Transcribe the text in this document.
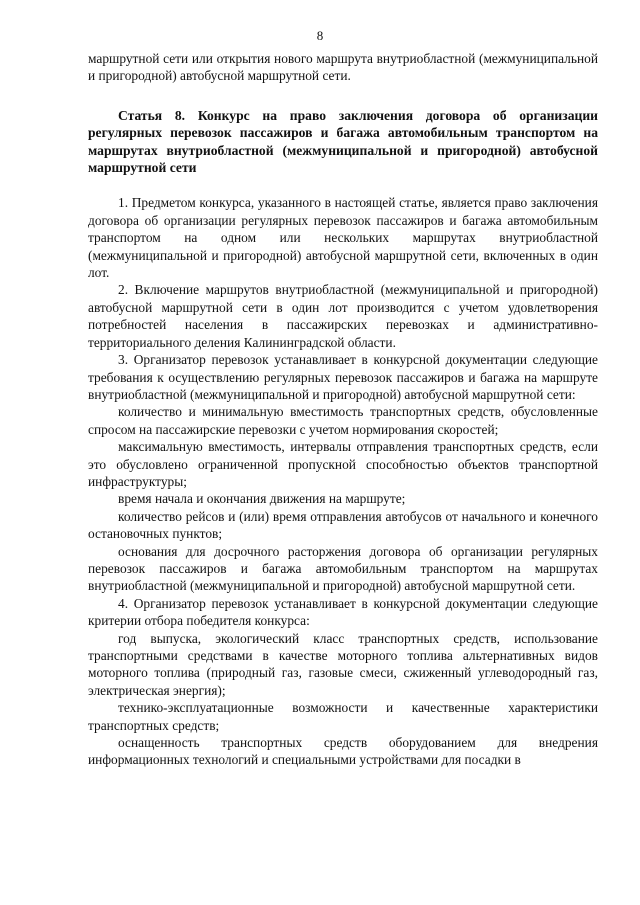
8

маршрутной сети или открытия нового маршрута внутриобластной (межмуниципальной и пригородной) автобусной маршрутной сети.

Статья 8. Конкурс на право заключения договора об организации регулярных перевозок пассажиров и багажа автомобильным транспортом на маршрутах внутриобластной (межмуниципальной и пригородной) автобусной маршрутной сети

1. Предметом конкурса, указанного в настоящей статье, является право заключения договора об организации регулярных перевозок пассажиров и багажа автомобильным транспортом на одном или нескольких маршрутах внутриобластной (межмуниципальной и пригородной) автобусной маршрутной сети, включенных в один лот.

2. Включение маршрутов внутриобластной (межмуниципальной и пригородной) автобусной маршрутной сети в один лот производится с учетом удовлетворения потребностей населения в пассажирских перевозках и административно-территориального деления Калининградской области.

3. Организатор перевозок устанавливает в конкурсной документации следующие требования к осуществлению регулярных перевозок пассажиров и багажа на маршруте внутриобластной (межмуниципальной и пригородной) автобусной маршрутной сети:

количество и минимальную вместимость транспортных средств, обусловленные спросом на пассажирские перевозки с учетом нормирования скоростей;

максимальную вместимость, интервалы отправления транспортных средств, если это обусловлено ограниченной пропускной способностью объектов транспортной инфраструктуры;

время начала и окончания движения на маршруте;

количество рейсов и (или) время отправления автобусов от начального и конечного остановочных пунктов;

основания для досрочного расторжения договора об организации регулярных перевозок пассажиров и багажа автомобильным транспортом на маршрутах внутриобластной (межмуниципальной и пригородной) автобусной маршрутной сети.

4. Организатор перевозок устанавливает в конкурсной документации следующие критерии отбора победителя конкурса:

год выпуска, экологический класс транспортных средств, использование транспортными средствами в качестве моторного топлива альтернативных видов моторного топлива (природный газ, газовые смеси, сжиженный углеводородный газ, электрическая энергия);

технико-эксплуатационные возможности и качественные характеристики транспортных средств;

оснащенность транспортных средств оборудованием для внедрения информационных технологий и специальными устройствами для посадки в
